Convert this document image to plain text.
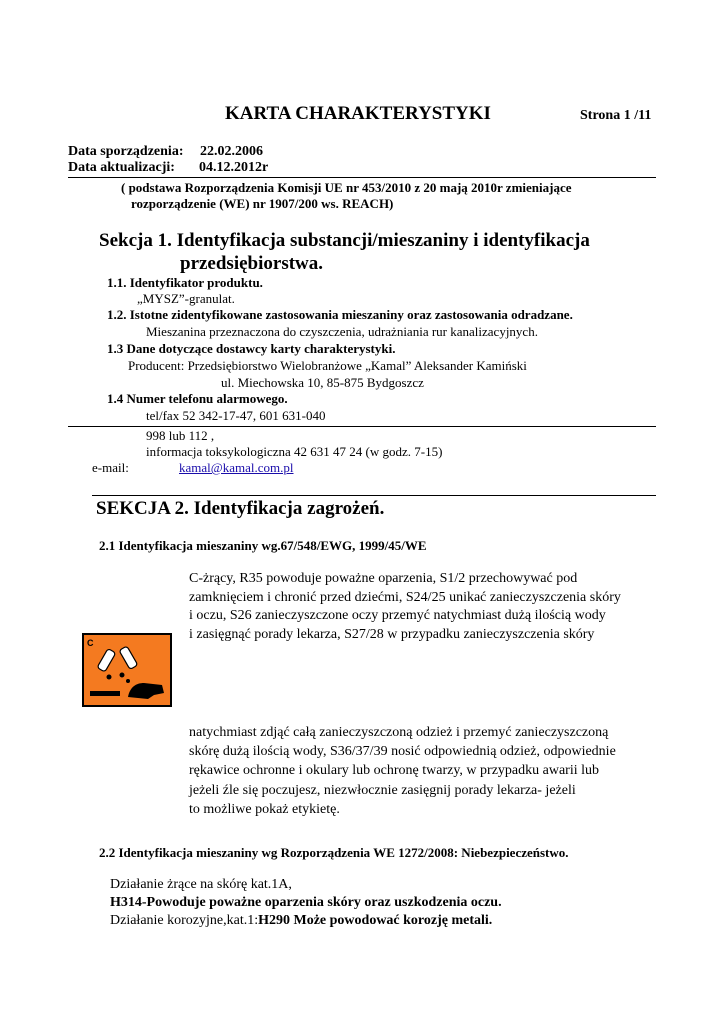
KARTA CHARAKTERYSTYKI	Strona 1 /11
Data sporządzenia: 22.02.2006
Data aktualizacji: 04.12.2012r
( podstawa Rozporządzenia Komisji UE nr 453/2010 z 20 mają 2010r zmieniające
rozporządzenie (WE) nr 1907/200 ws. REACH)
Sekcja 1. Identyfikacja substancji/mieszaniny i identyfikacja
przedsiębiorstwa.
1.1. Identyfikator produktu.
„MYSZ”-granulat.
1.2. Istotne zidentyfikowane zastosowania mieszaniny oraz zastosowania odradzane.
Mieszanina przeznaczona do czyszczenia, udrażniania rur kanalizacyjnych.
1.3 Dane dotyczące dostawcy karty charakterystyki.
Producent: Przedsiębiorstwo Wielobranżowe „Kamal” Aleksander Kamiński
ul. Miechowska 10, 85-875 Bydgoszcz
1.4 Numer telefonu alarmowego.
tel/fax 52 342-17-47, 601 631-040
998 lub 112 ,
informacja toksykologiczna 42 631 47 24 (w godz. 7-15)
e-mail:	kamal@kamal.com.pl
SEKCJA 2. Identyfikacja zagrożeń.
2.1 Identyfikacja mieszaniny wg.67/548/EWG, 1999/45/WE
C-żrący, R35 powoduje poważne oparzenia, S1/2 przechowywać pod
zamknięciem i chronić przed dziećmi, S24/25 unikać zanieczyszczenia skóry
i oczu, S26 zanieczyszczone oczy przemyć natychmiast dużą ilością wody
i zasięgnąć porady lekarza, S27/28 w przypadku zanieczyszczenia skóry
C
natychmiast zdjąć całą zanieczyszczoną odzież i przemyć zanieczyszczoną
skórę dużą ilością wody, S36/37/39 nosić odpowiednią odzież, odpowiednie
rękawice ochronne i okulary lub ochronę twarzy, w przypadku awarii lub
jeżeli źle się poczujesz, niezwłocznie zasięgnij porady lekarza- jeżeli
to możliwe pokaż etykietę.
2.2 Identyfikacja mieszaniny wg Rozporządzenia WE 1272/2008: Niebezpieczeństwo.
Działanie żrące na skórę kat.1A,
H314-Powoduje poważne oparzenia skóry oraz uszkodzenia oczu.
Działanie korozyjne,kat.1:H290 Może powodować korozję metali.
